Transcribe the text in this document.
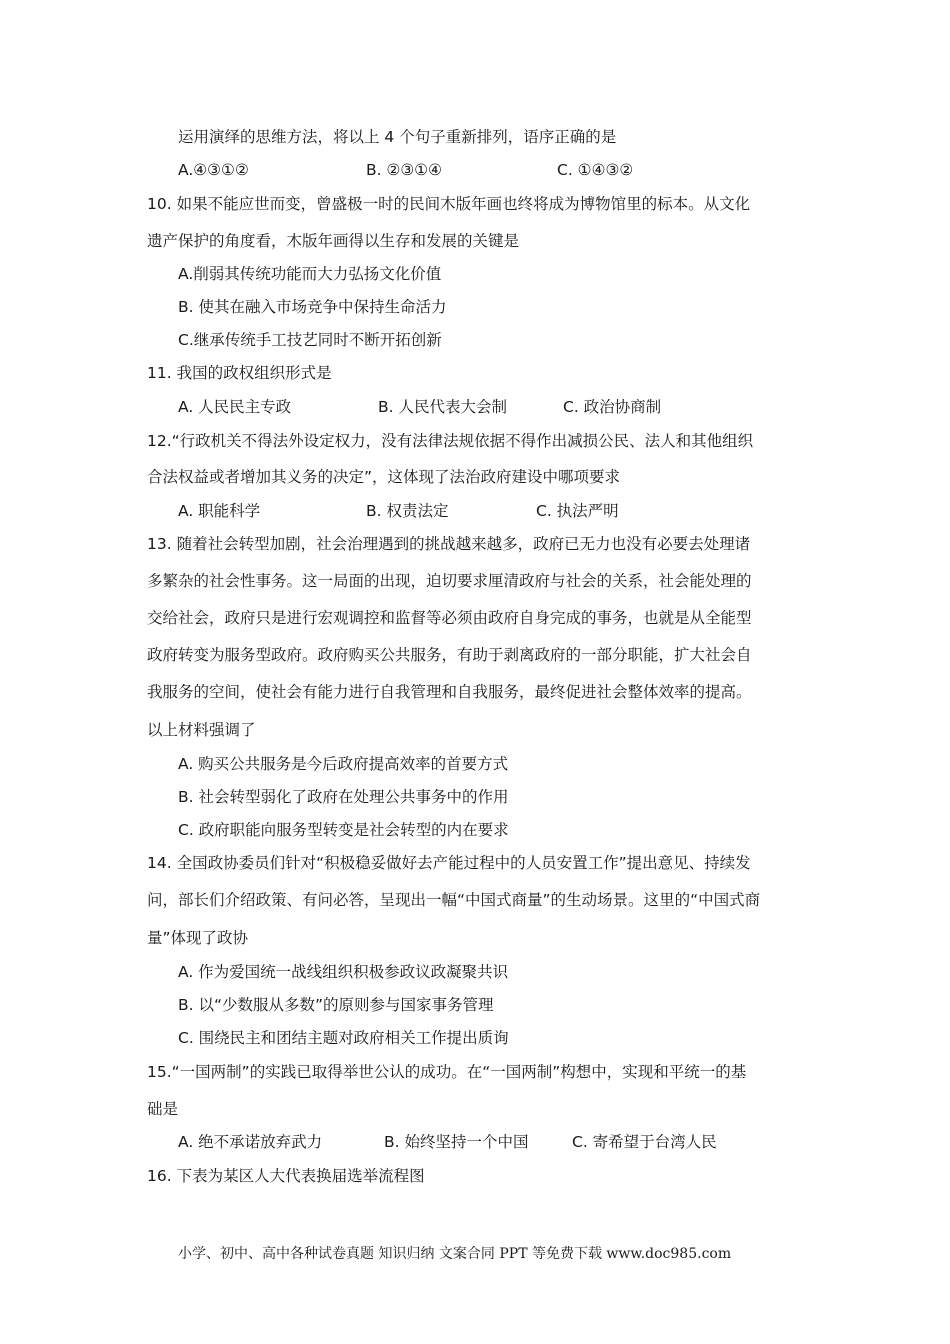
运用演绎的思维方法，将以上 4 个句子重新排列，语序正确的是
A.④③①②	B. ②③①④	C. ①④③②
10. 如果不能应世而变，曾盛极一时的民间木版年画也终将成为博物馆里的标本。从文化
遗产保护的角度看，木版年画得以生存和发展的关键是
A.削弱其传统功能而大力弘扬文化价值
B. 使其在融入市场竞争中保持生命活力
C.继承传统手工技艺同时不断开拓创新
11. 我国的政权组织形式是
A. 人民民主专政	B. 人民代表大会制	C. 政治协商制
12.“行政机关不得法外设定权力，没有法律法规依据不得作出减损公民、法人和其他组织
合法权益或者增加其义务的决定”，这体现了法治政府建设中哪项要求
A. 职能科学	B. 权责法定	C. 执法严明
13. 随着社会转型加剧，社会治理遇到的挑战越来越多，政府已无力也没有必要去处理诸
多繁杂的社会性事务。这一局面的出现，迫切要求厘清政府与社会的关系，社会能处理的
交给社会，政府只是进行宏观调控和监督等必须由政府自身完成的事务，也就是从全能型
政府转变为服务型政府。政府购买公共服务，有助于剥离政府的一部分职能，扩大社会自
我服务的空间，使社会有能力进行自我管理和自我服务，最终促进社会整体效率的提高。
以上材料强调了
A. 购买公共服务是今后政府提高效率的首要方式
B. 社会转型弱化了政府在处理公共事务中的作用
C. 政府职能向服务型转变是社会转型的内在要求
14. 全国政协委员们针对“积极稳妥做好去产能过程中的人员安置工作”提出意见、持续发
问，部长们介绍政策、有问必答，呈现出一幅“中国式商量”的生动场景。这里的“中国式商
量”体现了政协
A. 作为爱国统一战线组织积极参政议政凝聚共识
B. 以“少数服从多数”的原则参与国家事务管理
C. 围绕民主和团结主题对政府相关工作提出质询
15.“一国两制”的实践已取得举世公认的成功。在“一国两制”构想中，实现和平统一的基
础是
A. 绝不承诺放弃武力	B. 始终坚持一个中国	C. 寄希望于台湾人民
16. 下表为某区人大代表换届选举流程图
小学、初中、高中各种试卷真题 知识归纳 文案合同 PPT 等免费下载 www.doc985.com
